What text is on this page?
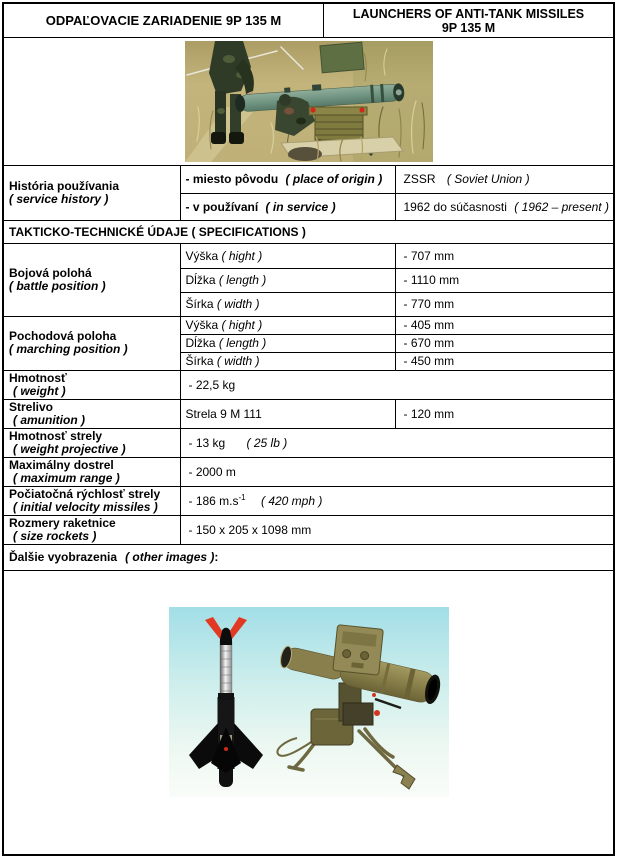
ODPAĽOVACIE ZARIADENIE 9P 135 M	LAUNCHERS OF ANTI-TANK MISSILES
9P 135 M
História používania
( service history )	- miesto pôvodu ( place of origin )	ZSSR ( Soviet Union )
	- v používaní ( in service )	1962 do súčasnosti ( 1962 – present )
TAKTICKO-TECHNICKÉ ÚDAJE ( SPECIFICATIONS )
Bojová polohá
( battle position )	Výška ( hight )	- 707 mm
	Dĺžka ( length )	- 1110 mm
	Šírka ( width )	- 770 mm

Pochodová poloha
( marching position )	Výška ( hight )	- 405 mm
	Dĺžka ( length )	- 670 mm
	Šírka ( width )	- 450 mm

Hmotnosť
( weight )	- 22,5 kg	

Strelivo
( amunition )	Strela 9 M 111	- 120 mm

Hmotnosť strely
( weight projective )	- 13 kg ( 25 lb )	

Maximálny dostrel
( maximum range )	- 2000 m	

Počiatočná rýchlosť strely
( initial velocity missiles )	- 186 $m.s^{-1}$ ( 420 mph )	

Rozmery raketnice
( size rockets )	- 150 x 205 x 1098 mm	
Ďalšie vyobrazenia ( other images ) :
